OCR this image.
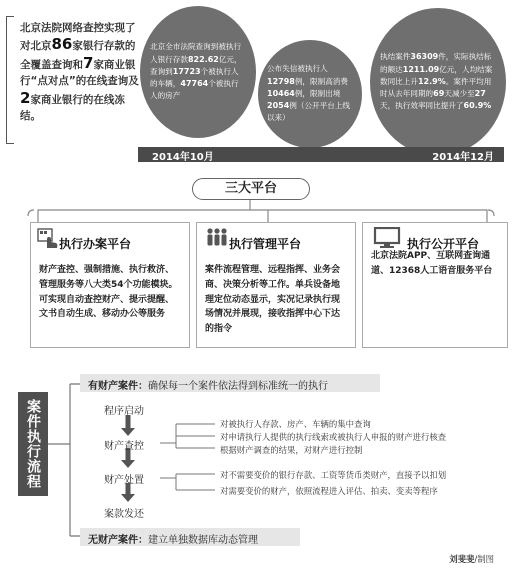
北京法院网络查控实现了对北京86家银行存款的全覆盖查询和7家商业银行“点对点”的在线查询及2家商业银行的在线冻结。
北京全市法院查询到被执行人银行存款822.62亿元，查询到17723个被执行人的车辆，47764个被执行人的房产
公布失信被执行人12798例，限制高消费10464例，限制出境2054例（公开平台上线以来）
执结案件36309件，实际执结标的额达1211.09亿元，人均结案数同比上升12.9%。案件平均用时从去年同期的69天减少至27天，执行效率同比提升了60.9%
2014年10月	2014年12月
三大平台
执行办案平台
财产查控、强制措施、执行救济、管理服务等八大类54个功能模块。可实现自动查控财产、提示提醒、文书自动生成、移动办公等服务
执行管理平台
案件流程管理、远程指挥、业务会商、决策分析等工作。单兵设备地理定位动态显示，实况记录执行现场情况并展现，接收指挥中心下达的指令
执行公开平台
北京法院APP、互联网查询通道、12368人工语音服务平台
案件执行流程
有财产案件：确保每一个案件依法得到标准统一的执行
程序启动
财产查控
财产处置
案款发还
对被执行人存款、房产、车辆的集中查询
对申请执行人提供的执行线索或被执行人申报的财产进行核查
根据财产调查的结果，对财产进行控制
对不需要变价的银行存款、工资等货币类财产，直接予以扣划
对需要变价的财产，依照流程进入评估、拍卖、变卖等程序
无财产案件：建立单独数据库动态管理
刘斐斐/制图
